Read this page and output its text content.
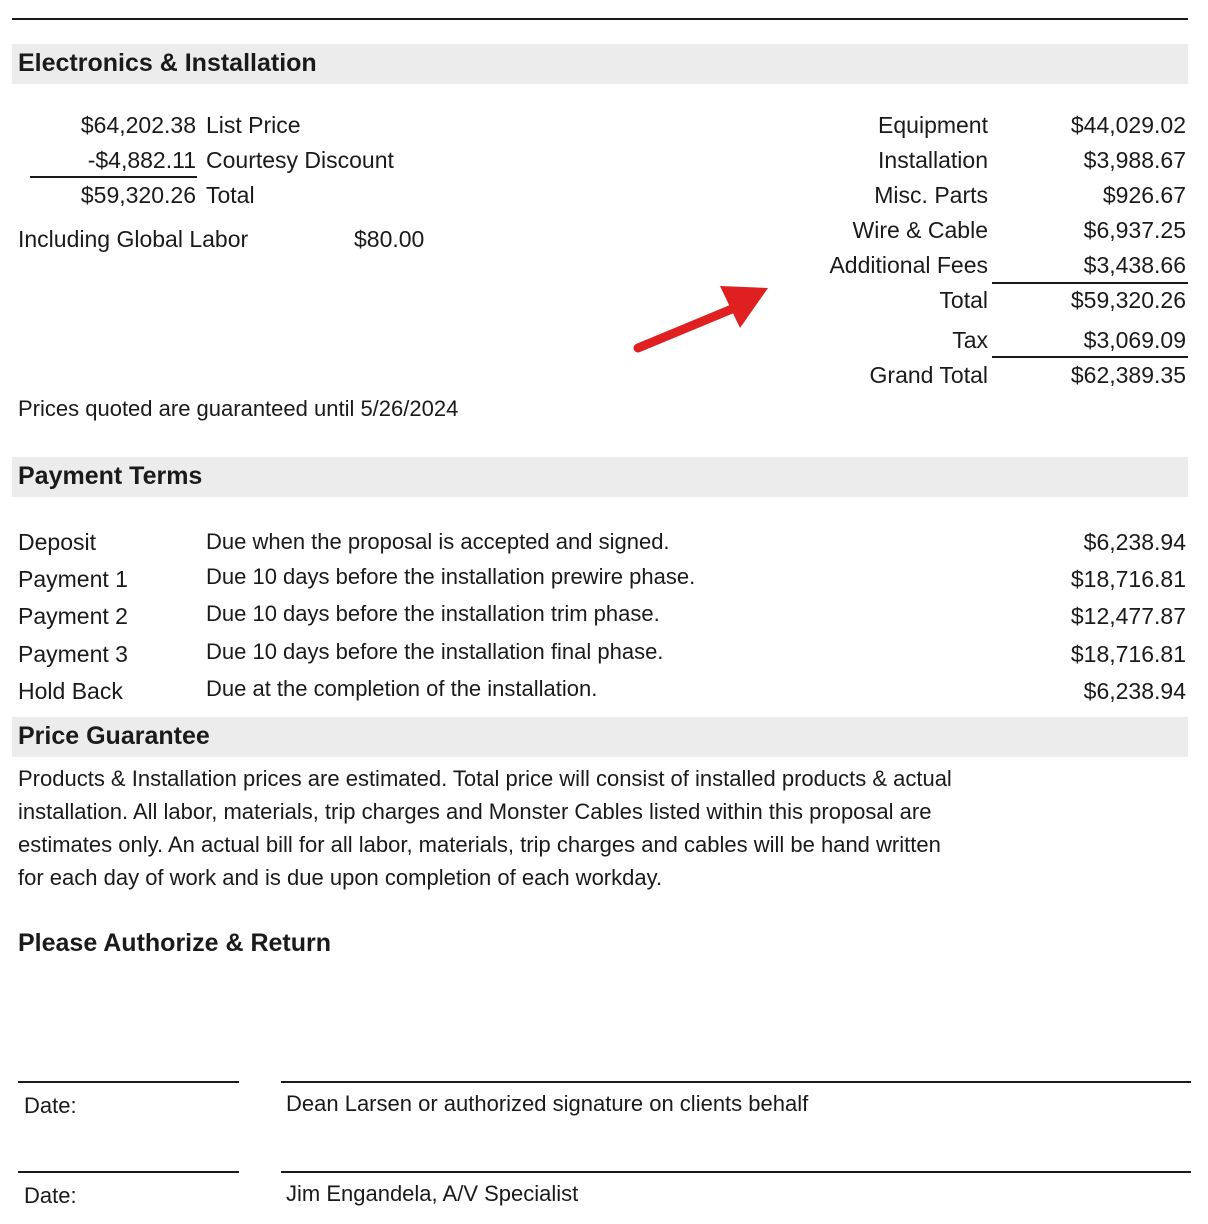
Electronics & Installation
$64,202.38 List Price
-$4,882.11 Courtesy Discount
$59,320.26 Total
Including Global Labor	$80.00
Equipment	$44,029.02
Installation	$3,988.67
Misc. Parts	$926.67
Wire & Cable	$6,937.25
Additional Fees	$3,438.66
Total	$59,320.26
Tax	$3,069.09
Grand Total	$62,389.35
Prices quoted are guaranteed until 5/26/2024
Payment Terms
Deposit	Due when the proposal is accepted and signed.	$6,238.94
Payment 1	Due 10 days before the installation prewire phase.	$18,716.81
Payment 2	Due 10 days before the installation trim phase.	$12,477.87
Payment 3	Due 10 days before the installation final phase.	$18,716.81
Hold Back	Due at the completion of the installation.	$6,238.94
Price Guarantee
Products & Installation prices are estimated. Total price will consist of installed products & actual
installation. All labor, materials, trip charges and Monster Cables listed within this proposal are
estimates only. An actual bill for all labor, materials, trip charges and cables will be hand written
for each day of work and is due upon completion of each workday.
Please Authorize & Return
Date:	Dean Larsen or authorized signature on clients behalf
Date:	Jim Engandela, A/V Specialist
